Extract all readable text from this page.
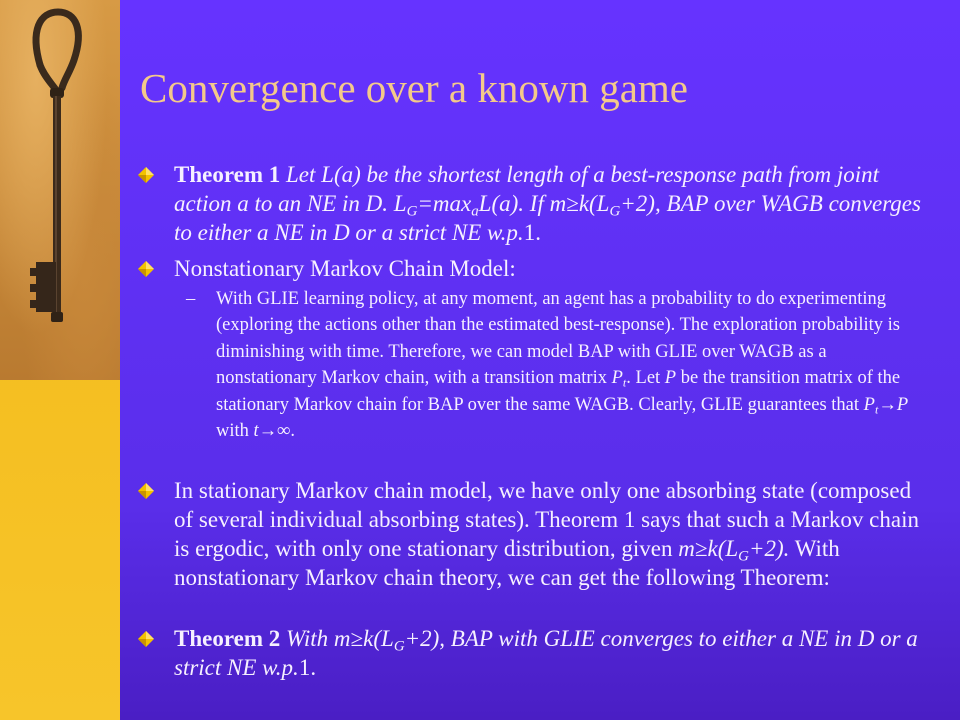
Convergence over a known game
Theorem 1 Let L(a) be the shortest length of a best-response path from joint action a to an NE in D. $L_G=\max_aL(a)$. If $m\ge k(L_G+2)$, BAP over WAGB converges to either a NE in D or a strict NE w.p.1.
Nonstationary Markov Chain Model:
– With GLIE learning policy, at any moment, an agent has a probability to do experimenting (exploring the actions other than the estimated best-response). The exploration probability is diminishing with time. Therefore, we can model BAP with GLIE over WAGB as a nonstationary Markov chain, with a transition matrix $P_t$. Let P be the transition matrix of the stationary Markov chain for BAP over the same WAGB. Clearly, GLIE guarantees that $P_t\to P$ with t→∞.
In stationary Markov chain model, we have only one absorbing state (composed of several individual absorbing states). Theorem 1 says that such a Markov chain is ergodic, with only one stationary distribution, given $m\ge k(L_G+2)$. With nonstationary Markov chain theory, we can get the following Theorem:
Theorem 2 With $m\ge k(L_G+2)$, BAP with GLIE converges to either a NE in D or a strict NE w.p.1.
